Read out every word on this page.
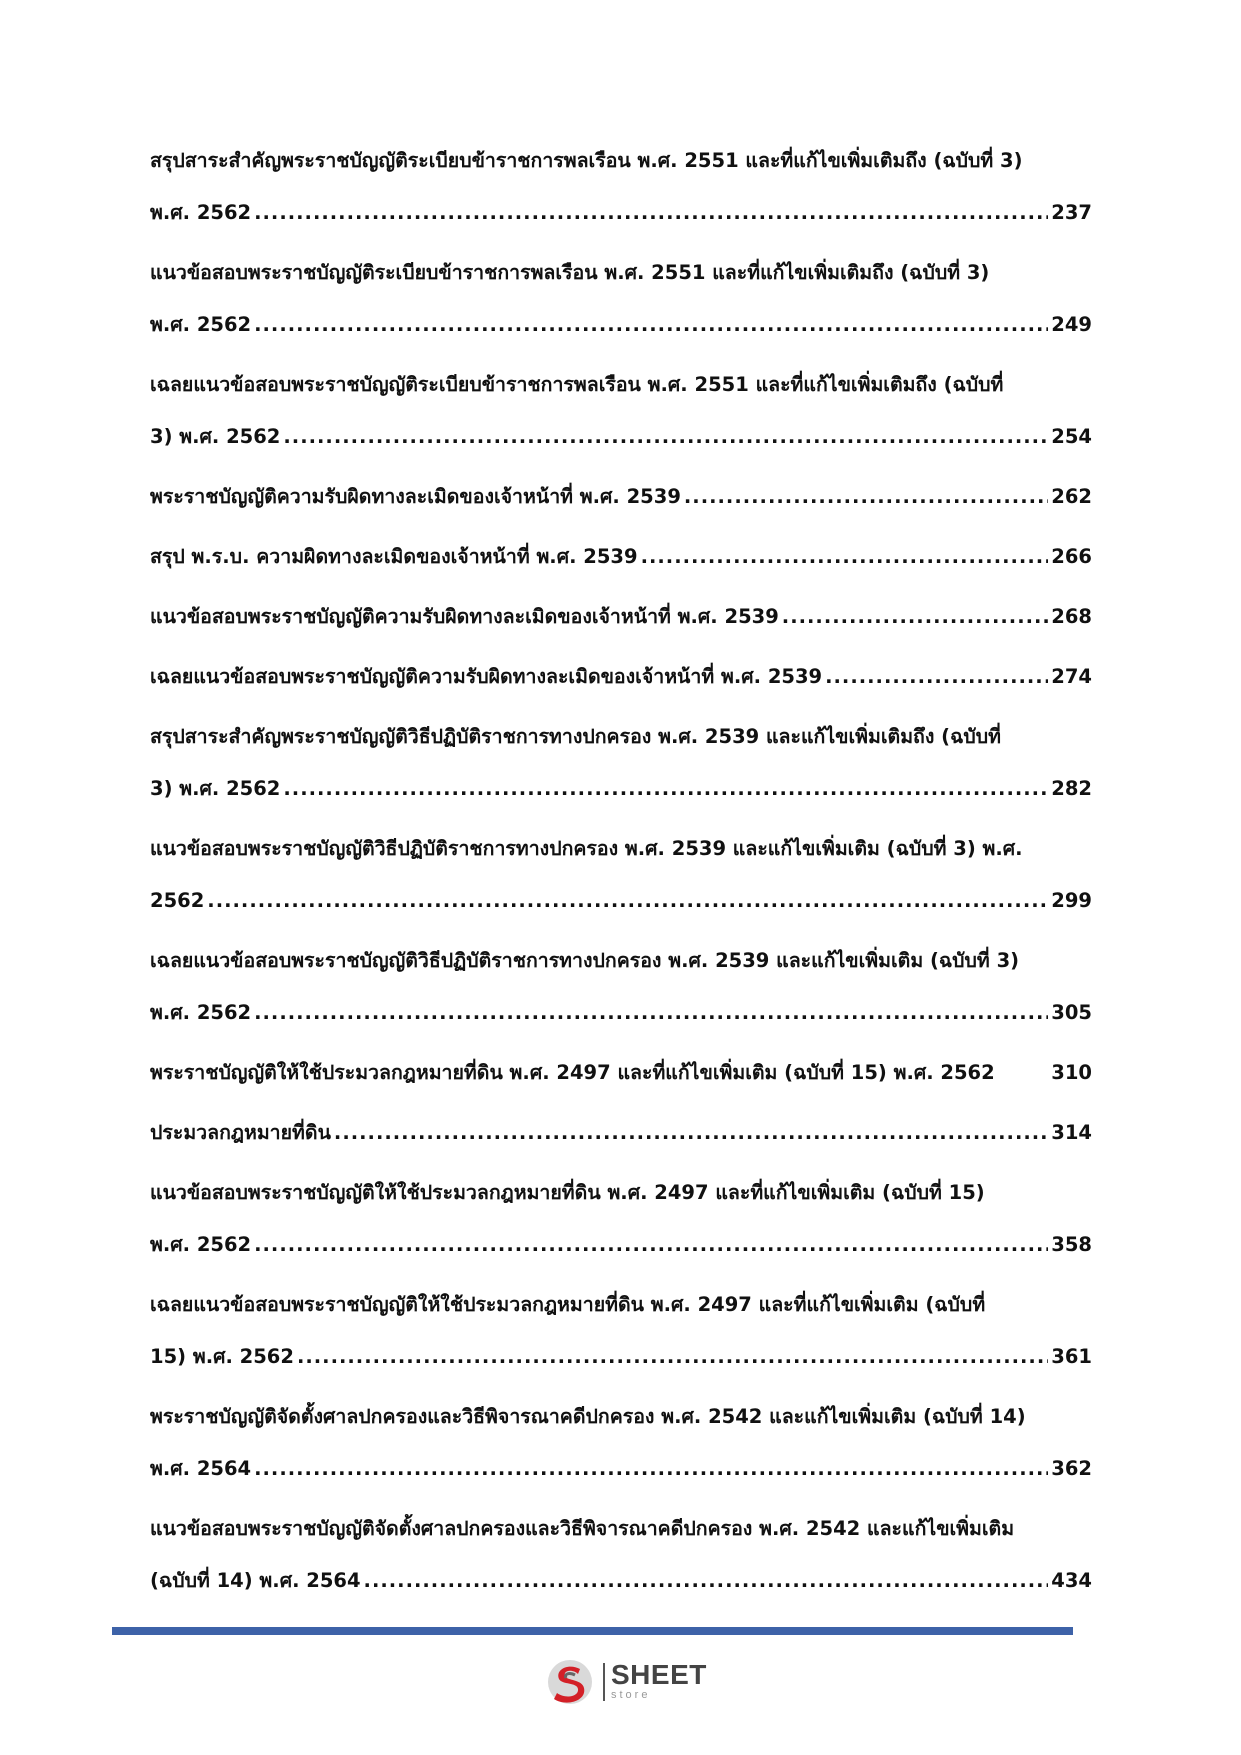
สรุปสาระสำคัญพระราชบัญญัติระเบียบข้าราชการพลเรือน พ.ศ. 2551 และที่แก้ไขเพิ่มเติมถึง (ฉบับที่ 3)
พ.ศ. 2562 .....	237
แนวข้อสอบพระราชบัญญัติระเบียบข้าราชการพลเรือน พ.ศ. 2551 และที่แก้ไขเพิ่มเติมถึง (ฉบับที่ 3)
พ.ศ. 2562 .....	249
เฉลยแนวข้อสอบพระราชบัญญัติระเบียบข้าราชการพลเรือน พ.ศ. 2551 และที่แก้ไขเพิ่มเติมถึง (ฉบับที่
3) พ.ศ. 2562 .....	254
พระราชบัญญัติความรับผิดทางละเมิดของเจ้าหน้าที่ พ.ศ. 2539 .....	262
สรุป พ.ร.บ. ความผิดทางละเมิดของเจ้าหน้าที่ พ.ศ. 2539 .....	266
แนวข้อสอบพระราชบัญญัติความรับผิดทางละเมิดของเจ้าหน้าที่ พ.ศ. 2539 .....	268
เฉลยแนวข้อสอบพระราชบัญญัติความรับผิดทางละเมิดของเจ้าหน้าที่ พ.ศ. 2539 .....	274
สรุปสาระสำคัญพระราชบัญญัติวิธีปฏิบัติราชการทางปกครอง พ.ศ. 2539 และแก้ไขเพิ่มเติมถึง (ฉบับที่
3) พ.ศ. 2562 .....	282
แนวข้อสอบพระราชบัญญัติวิธีปฏิบัติราชการทางปกครอง พ.ศ. 2539 และแก้ไขเพิ่มเติม (ฉบับที่ 3) พ.ศ.
2562 .....	299
เฉลยแนวข้อสอบพระราชบัญญัติวิธีปฏิบัติราชการทางปกครอง พ.ศ. 2539 และแก้ไขเพิ่มเติม (ฉบับที่ 3)
พ.ศ. 2562 .....	305
พระราชบัญญัติให้ใช้ประมวลกฎหมายที่ดิน พ.ศ. 2497 และที่แก้ไขเพิ่มเติม (ฉบับที่ 15) พ.ศ. 2562	310
ประมวลกฎหมายที่ดิน .....	314
แนวข้อสอบพระราชบัญญัติให้ใช้ประมวลกฎหมายที่ดิน พ.ศ. 2497 และที่แก้ไขเพิ่มเติม (ฉบับที่ 15)
พ.ศ. 2562 .....	358
เฉลยแนวข้อสอบพระราชบัญญัติให้ใช้ประมวลกฎหมายที่ดิน พ.ศ. 2497 และที่แก้ไขเพิ่มเติม (ฉบับที่
15) พ.ศ. 2562 .....	361
พระราชบัญญัติจัดตั้งศาลปกครองและวิธีพิจารณาคดีปกครอง พ.ศ. 2542 และแก้ไขเพิ่มเติม (ฉบับที่ 14)
พ.ศ. 2564 .....	362
แนวข้อสอบพระราชบัญญัติจัดตั้งศาลปกครองและวิธีพิจารณาคดีปกครอง พ.ศ. 2542 และแก้ไขเพิ่มเติม
(ฉบับที่ 14) พ.ศ. 2564 .....	434
SHEET
store
